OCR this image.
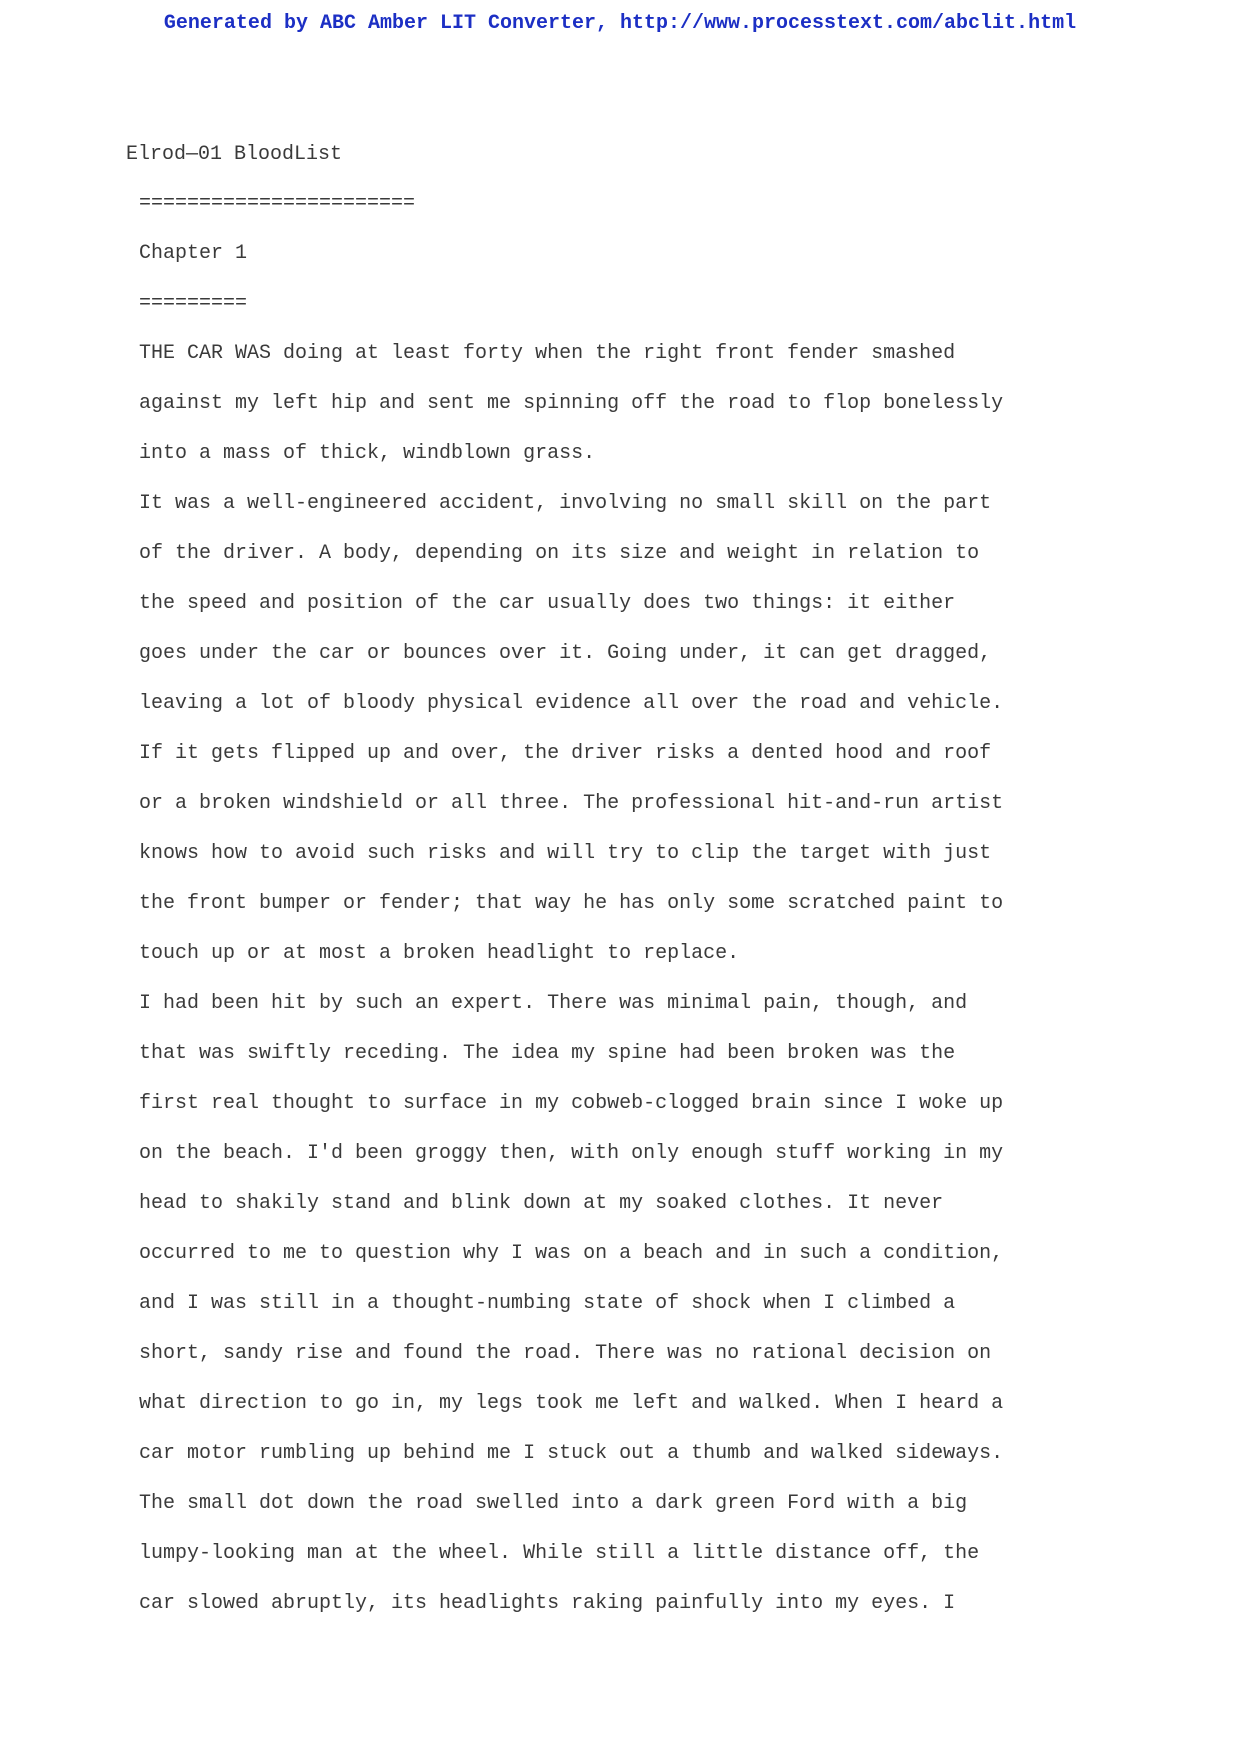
Generated by ABC Amber LIT Converter, http://www.processtext.com/abclit.html
Elrod—01 BloodList
=======================
Chapter 1
=========
THE CAR WAS doing at least forty when the right front fender smashed
against my left hip and sent me spinning off the road to flop bonelessly
into a mass of thick, windblown grass.
It was a well-engineered accident, involving no small skill on the part
of the driver. A body, depending on its size and weight in relation to
the speed and position of the car usually does two things: it either
goes under the car or bounces over it. Going under, it can get dragged,
leaving a lot of bloody physical evidence all over the road and vehicle.
If it gets flipped up and over, the driver risks a dented hood and roof
or a broken windshield or all three. The professional hit-and-run artist
knows how to avoid such risks and will try to clip the target with just
the front bumper or fender; that way he has only some scratched paint to
touch up or at most a broken headlight to replace.
I had been hit by such an expert. There was minimal pain, though, and
that was swiftly receding. The idea my spine had been broken was the
first real thought to surface in my cobweb-clogged brain since I woke up
on the beach. I'd been groggy then, with only enough stuff working in my
head to shakily stand and blink down at my soaked clothes. It never
occurred to me to question why I was on a beach and in such a condition,
and I was still in a thought-numbing state of shock when I climbed a
short, sandy rise and found the road. There was no rational decision on
what direction to go in, my legs took me left and walked. When I heard a
car motor rumbling up behind me I stuck out a thumb and walked sideways.
The small dot down the road swelled into a dark green Ford with a big
lumpy-looking man at the wheel. While still a little distance off, the
car slowed abruptly, its headlights raking painfully into my eyes. I
